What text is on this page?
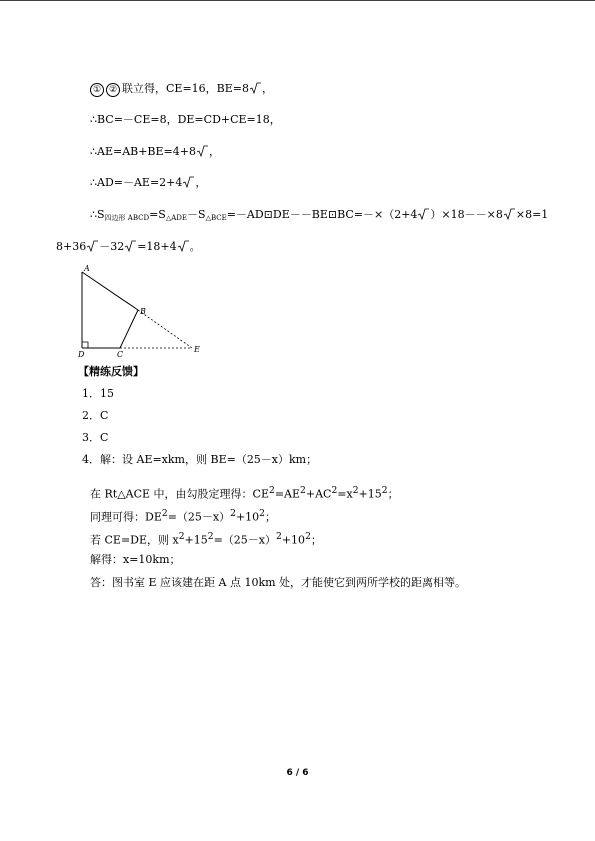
① ② 联立得，CE=16，BE=8 ，
∴BC=－CE=8，DE=CD+CE=18，
∴AE=AB+BE=4+8 ，
∴AD=－AE=2+4 ，
$\therefore S_{四边形 ABCD}=S_{\triangle ADE}-S_{\triangle BCE}=-AD⊡DE--BE⊡BC=-\times(2+4$ ）×18－－×8 ×8=1
8+36 －32 =18+4 。
A
B
C
D
E
【精练反馈】
1．15
2．C
3．C
4．解：设 AE=xkm，则 BE=（25－x）km；
在 Rt△ACE 中，由勾股定理得：$CE^2=AE^2+AC^2=x^2+15^2$；
同理可得：$DE^2=(25-x)^2+10^2$；
若 CE=DE，则 $x^2+15^2=(25-x)^2+10^2$；
解得：x=10km；
答：图书室 E 应该建在距 A 点 10km 处，才能使它到两所学校的距离相等。
6 / 6
